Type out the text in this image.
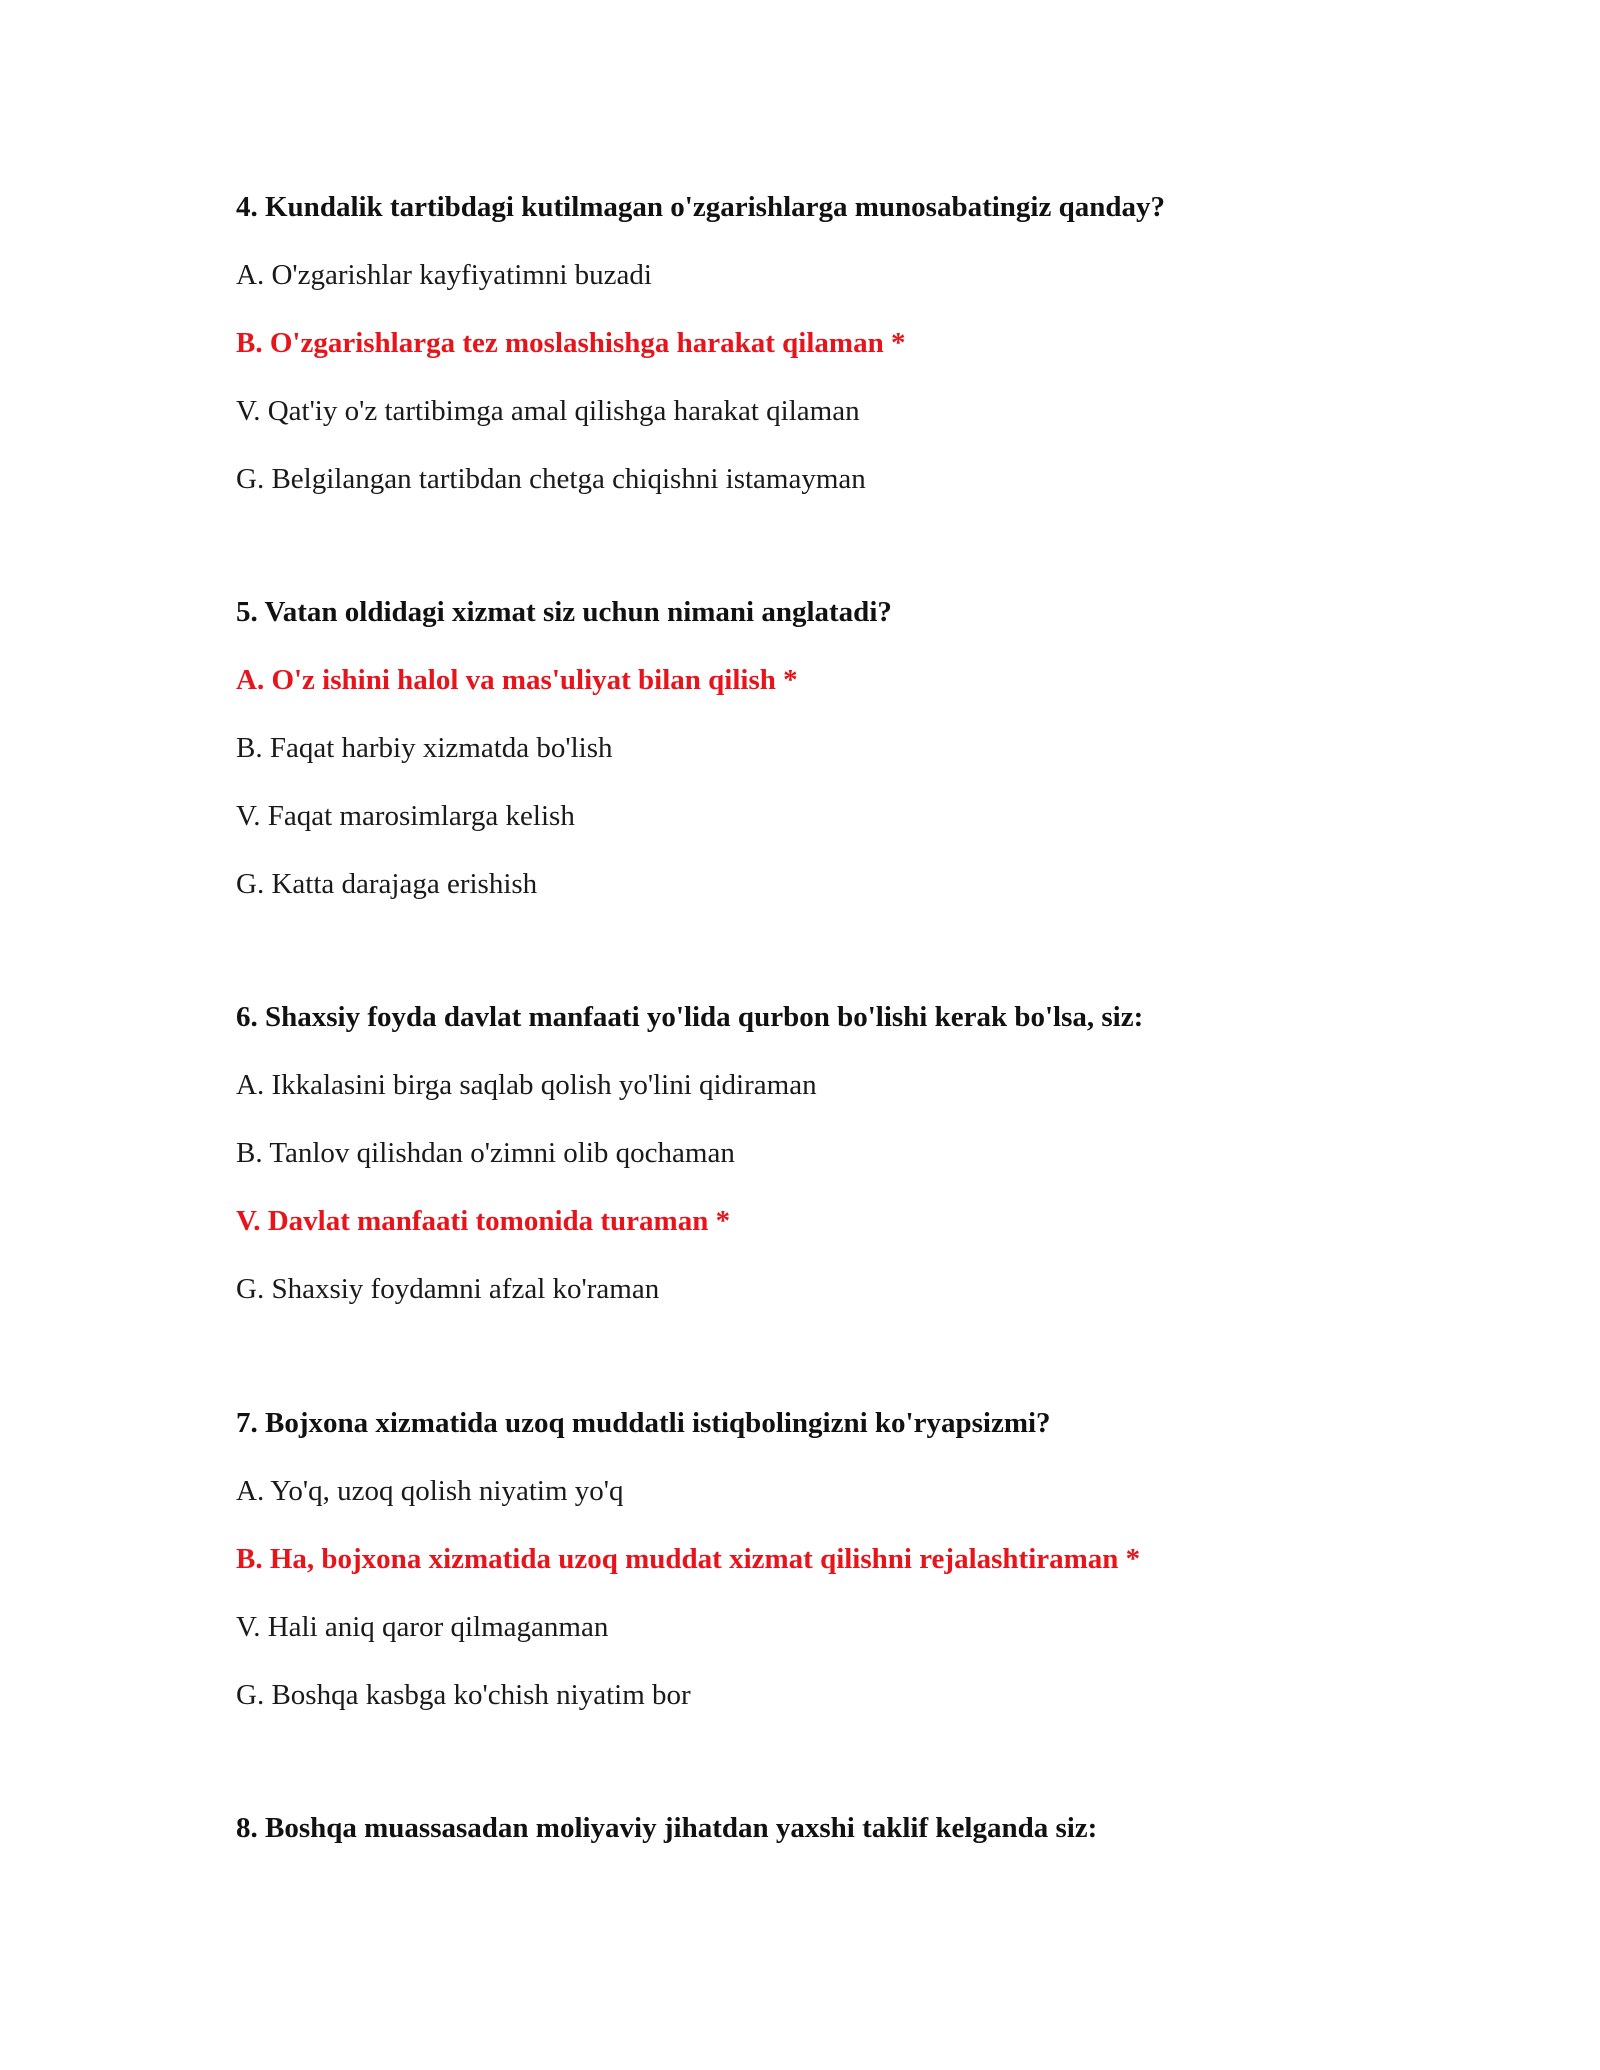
4. Kundalik tartibdagi kutilmagan o'zgarishlarga munosabatingiz qanday?
A. O'zgarishlar kayfiyatimni buzadi
B. O'zgarishlarga tez moslashishga harakat qilaman *
V. Qat'iy o'z tartibimga amal qilishga harakat qilaman
G. Belgilangan tartibdan chetga chiqishni istamayman
5. Vatan oldidagi xizmat siz uchun nimani anglatadi?
A. O'z ishini halol va mas'uliyat bilan qilish *
B. Faqat harbiy xizmatda bo'lish
V. Faqat marosimlarga kelish
G. Katta darajaga erishish
6. Shaxsiy foyda davlat manfaati yo'lida qurbon bo'lishi kerak bo'lsa, siz:
A. Ikkalasini birga saqlab qolish yo'lini qidiraman
B. Tanlov qilishdan o'zimni olib qochaman
V. Davlat manfaati tomonida turaman *
G. Shaxsiy foydamni afzal ko'raman
7. Bojxona xizmatida uzoq muddatli istiqbolingizni ko'ryapsizmi?
A. Yo'q, uzoq qolish niyatim yo'q
B. Ha, bojxona xizmatida uzoq muddat xizmat qilishni rejalashtiraman *
V. Hali aniq qaror qilmaganman
G. Boshqa kasbga ko'chish niyatim bor
8. Boshqa muassasadan moliyaviy jihatdan yaxshi taklif kelganda siz:
